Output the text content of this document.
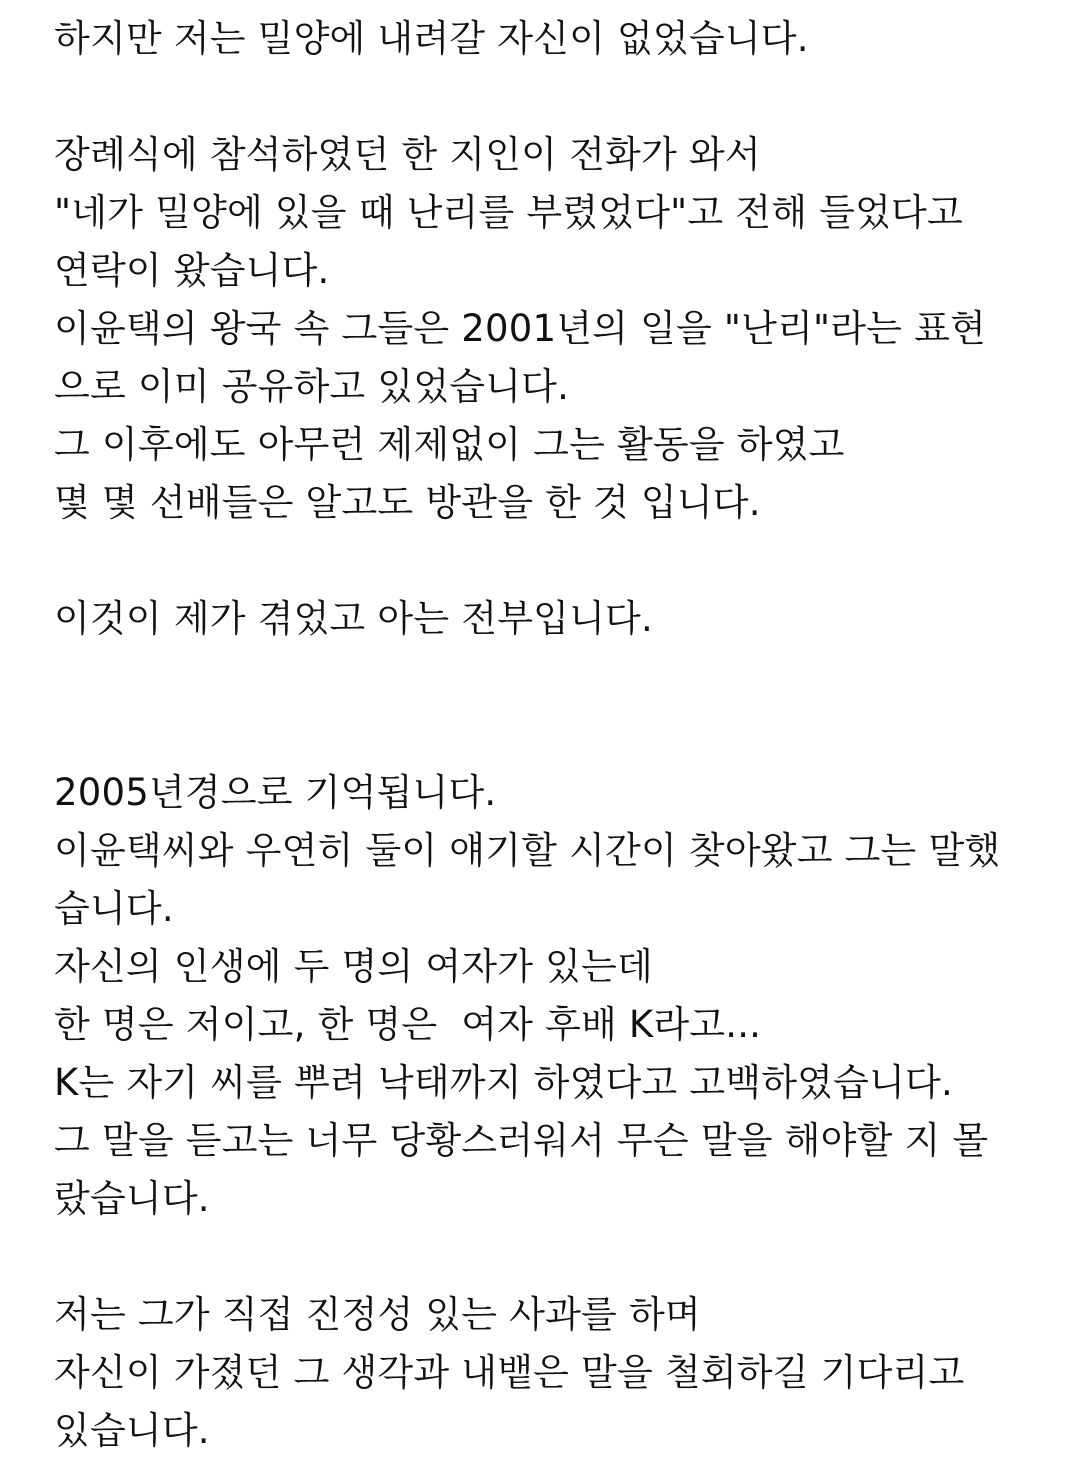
하지만 저는 밀양에 내려갈 자신이 없었습니다.
장례식에 참석하였던 한 지인이 전화가 와서
"네가 밀양에 있을 때 난리를 부렸었다"고 전해 들었다고
연락이 왔습니다.
이윤택의 왕국 속 그들은 2001년의 일을 "난리"라는 표현
으로 이미 공유하고 있었습니다.
그 이후에도 아무런 제제없이 그는 활동을 하였고
몇 몇 선배들은 알고도 방관을 한 것 입니다.
이것이 제가 겪었고 아는 전부입니다.
2005년경으로 기억됩니다.
이윤택씨와 우연히 둘이 얘기할 시간이 찾아왔고 그는 말했
습니다.
자신의 인생에 두 명의 여자가 있는데
한 명은 저이고, 한 명은  여자 후배 K라고...
K는 자기 씨를 뿌려 낙태까지 하였다고 고백하였습니다.
그 말을 듣고는 너무 당황스러워서 무슨 말을 해야할 지 몰
랐습니다.
저는 그가 직접 진정성 있는 사과를 하며
자신이 가졌던 그 생각과 내뱉은 말을 철회하길 기다리고
있습니다.
